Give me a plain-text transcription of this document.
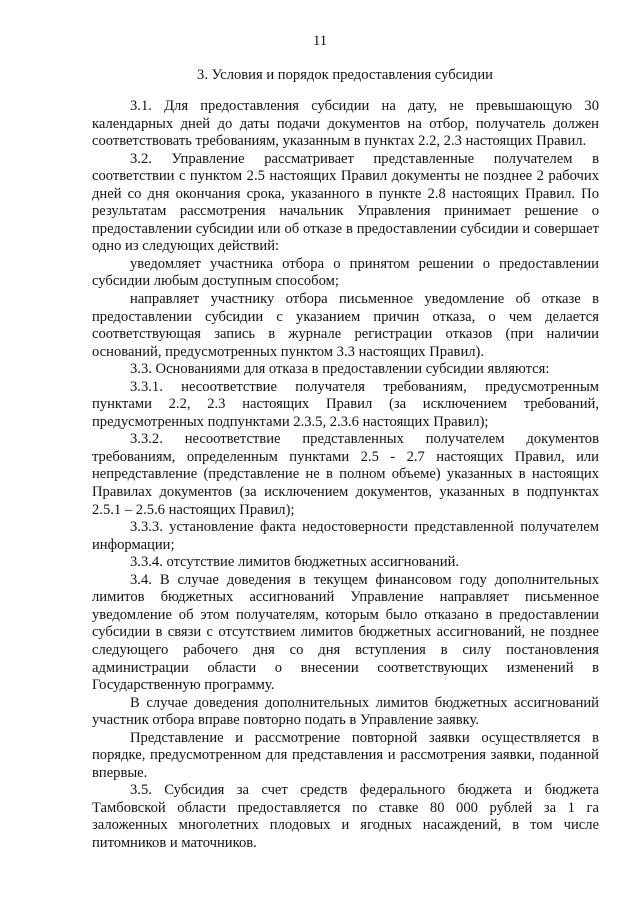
11
3. Условия и порядок предоставления субсидии

3.1. Для предоставления субсидии на дату, не превышающую 30 календарных дней до даты подачи документов на отбор, получатель должен соответствовать требованиям, указанным в пунктах 2.2, 2.3 настоящих Правил.

3.2. Управление рассматривает представленные получателем в соответствии с пунктом 2.5 настоящих Правил документы не позднее 2 рабочих дней со дня окончания срока, указанного в пункте 2.8 настоящих Правил. По результатам рассмотрения начальник Управления принимает решение о предоставлении субсидии или об отказе в предоставлении субсидии и совершает одно из следующих действий:

уведомляет участника отбора о принятом решении о предоставлении субсидии любым доступным способом;

направляет участнику отбора письменное уведомление об отказе в предоставлении субсидии с указанием причин отказа, о чем делается соответствующая запись в журнале регистрации отказов (при наличии оснований, предусмотренных пунктом 3.3 настоящих Правил).

3.3. Основаниями для отказа в предоставлении субсидии являются:

3.3.1. несоответствие получателя требованиям, предусмотренным пунктами 2.2, 2.3 настоящих Правил (за исключением требований, предусмотренных подпунктами 2.3.5, 2.3.6 настоящих Правил);

3.3.2. несоответствие представленных получателем документов требованиям, определенным пунктами 2.5 - 2.7 настоящих Правил, или непредставление (представление не в полном объеме) указанных в настоящих Правилах документов (за исключением документов, указанных в подпунктах 2.5.1 – 2.5.6 настоящих Правил);

3.3.3. установление факта недостоверности представленной получателем информации;

3.3.4. отсутствие лимитов бюджетных ассигнований.

3.4. В случае доведения в текущем финансовом году дополнительных лимитов бюджетных ассигнований Управление направляет письменное уведомление об этом получателям, которым было отказано в предоставлении субсидии в связи с отсутствием лимитов бюджетных ассигнований, не позднее следующего рабочего дня со дня вступления в силу постановления администрации области о внесении соответствующих изменений в Государственную программу.

В случае доведения дополнительных лимитов бюджетных ассигнований участник отбора вправе повторно подать в Управление заявку.

Представление и рассмотрение повторной заявки осуществляется в порядке, предусмотренном для представления и рассмотрения заявки, поданной впервые.

3.5. Субсидия за счет средств федерального бюджета и бюджета Тамбовской области предоставляется по ставке 80 000 рублей за 1 га заложенных многолетних плодовых и ягодных насаждений, в том числе питомников и маточников.
